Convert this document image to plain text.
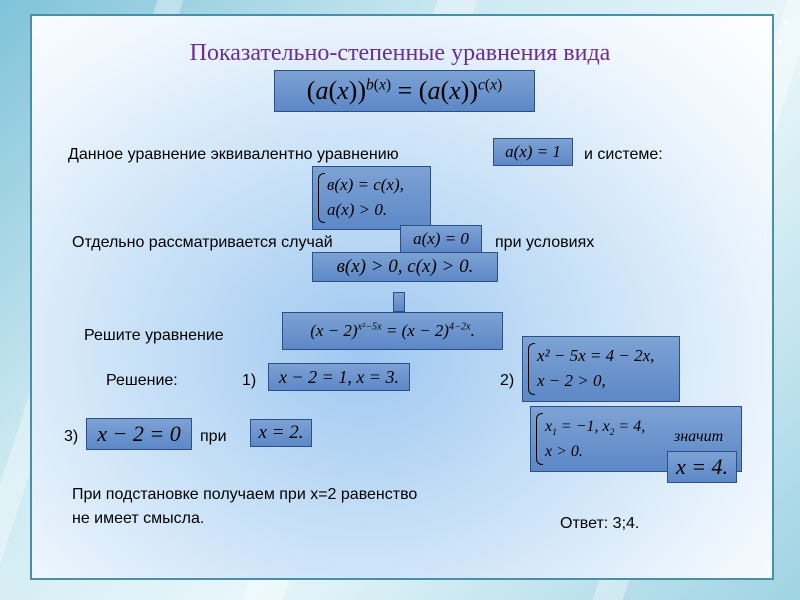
Показательно-степенные уравнения вида
$(a(x))^{b(x)} = (a(x))^{c(x)}$
Данное уравнение эквивалентно уравнению	a(x) = 1	и системе:
в(x) = c(x),
a(x) > 0.
Отдельно рассматривается случай	a(x) = 0	при условиях
в(x) > 0, c(x) > 0.
Решите уравнение	$(x - 2)^{x^2-5x} = (x - 2)^{4-2x}$.
Решение:	1)	x − 2 = 1, x = 3.	2)
x² − 5x = 4 − 2x,
x − 2 > 0,
3) x − 2 = 0	при	x = 2.	$x_1 = -1$, $x_2 = 4$,
x > 0.
значит
x = 4.
При подстановке получаем при x=2 равенство
не имеет смысла.	Ответ: 3;4.
